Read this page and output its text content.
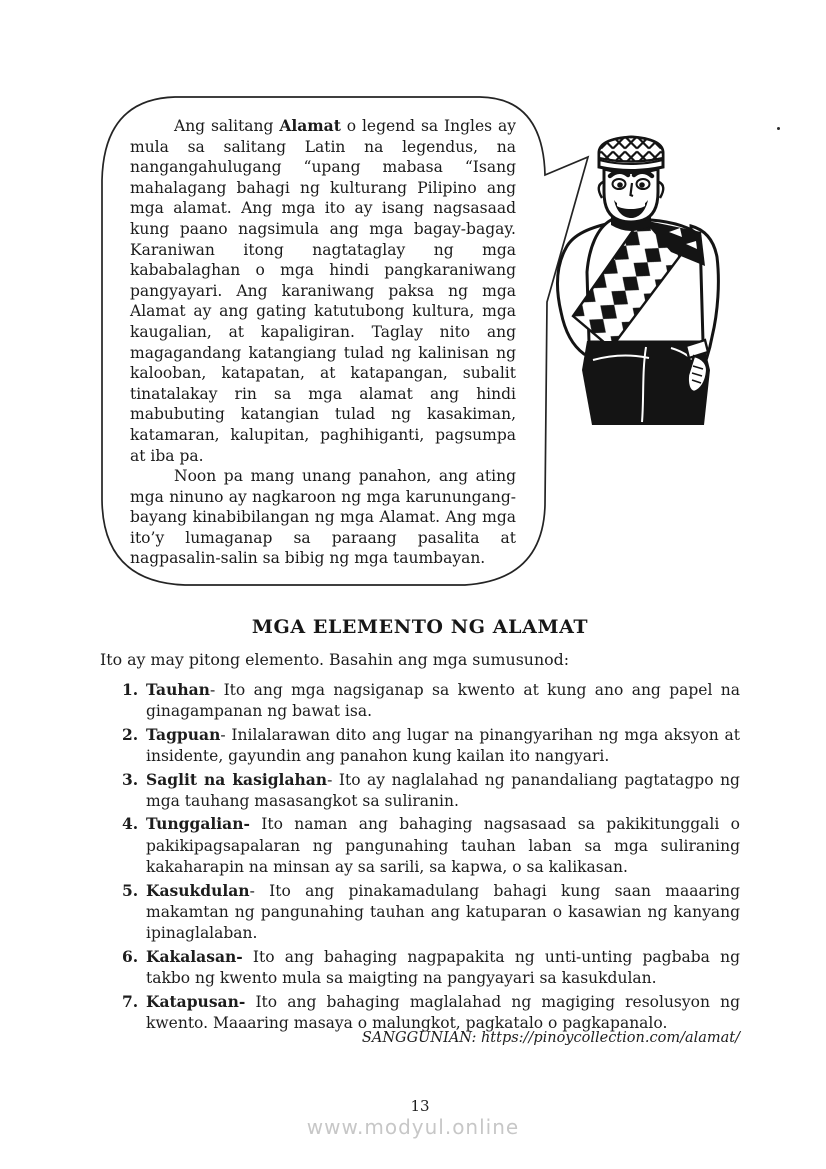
Ang salitang Alamat o legend sa Ingles ay mula sa salitang Latin na legendus, na nangangahulugang “upang mabasa “Isang mahalagang bahagi ng kulturang Pilipino ang mga alamat. Ang mga ito ay isang nagsasaad kung paano nagsimula ang mga bagay-bagay. Karaniwan itong nagtataglay ng mga kababalaghan o mga hindi pangkaraniwang pangyayari. Ang karaniwang paksa ng mga Alamat ay ang gating katutubong kultura, mga kaugalian, at kapaligiran. Taglay nito ang magagandang katangiang tulad ng kalinisan ng kalooban, katapatan, at katapangan, subalit tinatalakay rin sa mga alamat ang hindi mabubuting katangian tulad ng kasakiman, katamaran, kalupitan, paghihiganti, pagsumpa at iba pa.

Noon pa mang unang panahon, ang ating mga ninuno ay nagkaroon ng mga karunungang-bayang kinabibilangan ng mga Alamat. Ang mga ito’y lumaganap sa paraang pasalita at nagpasalin-salin sa bibig ng mga taumbayan.

MGA ELEMENTO NG ALAMAT

Ito ay may pitong elemento. Basahin ang mga sumusunod:

1. Tauhan- Ito ang mga nagsiganap sa kwento at kung ano ang papel na ginagampanan ng bawat isa.
2. Tagpuan- Inilalarawan dito ang lugar na pinangyarihan ng mga aksyon at insidente, gayundin ang panahon kung kailan ito nangyari.
3. Saglit na kasiglahan- Ito ay naglalahad ng panandaliang pagtatagpo ng mga tauhang masasangkot sa suliranin.
4. Tunggalian- Ito naman ang bahaging nagsasaad sa pakikitunggali o pakikipagsapalaran ng pangunahing tauhan laban sa mga suliraning kakaharapin na minsan ay sa sarili, sa kapwa, o sa kalikasan.
5. Kasukdulan- Ito ang pinakamadulang bahagi kung saan maaaring makamtan ng pangunahing tauhan ang katuparan o kasawian ng kanyang ipinaglalaban.
6. Kakalasan- Ito ang bahaging nagpapakita ng unti-unting pagbaba ng takbo ng kwento mula sa maigting na pangyayari sa kasukdulan.
7. Katapusan- Ito ang bahaging maglalahad ng magiging resolusyon ng kwento. Maaaring masaya o malungkot, pagkatalo o pagkapanalo.

SANGGUNIAN: https://pinoycollection.com/alamat/

13

www.modyul.online
